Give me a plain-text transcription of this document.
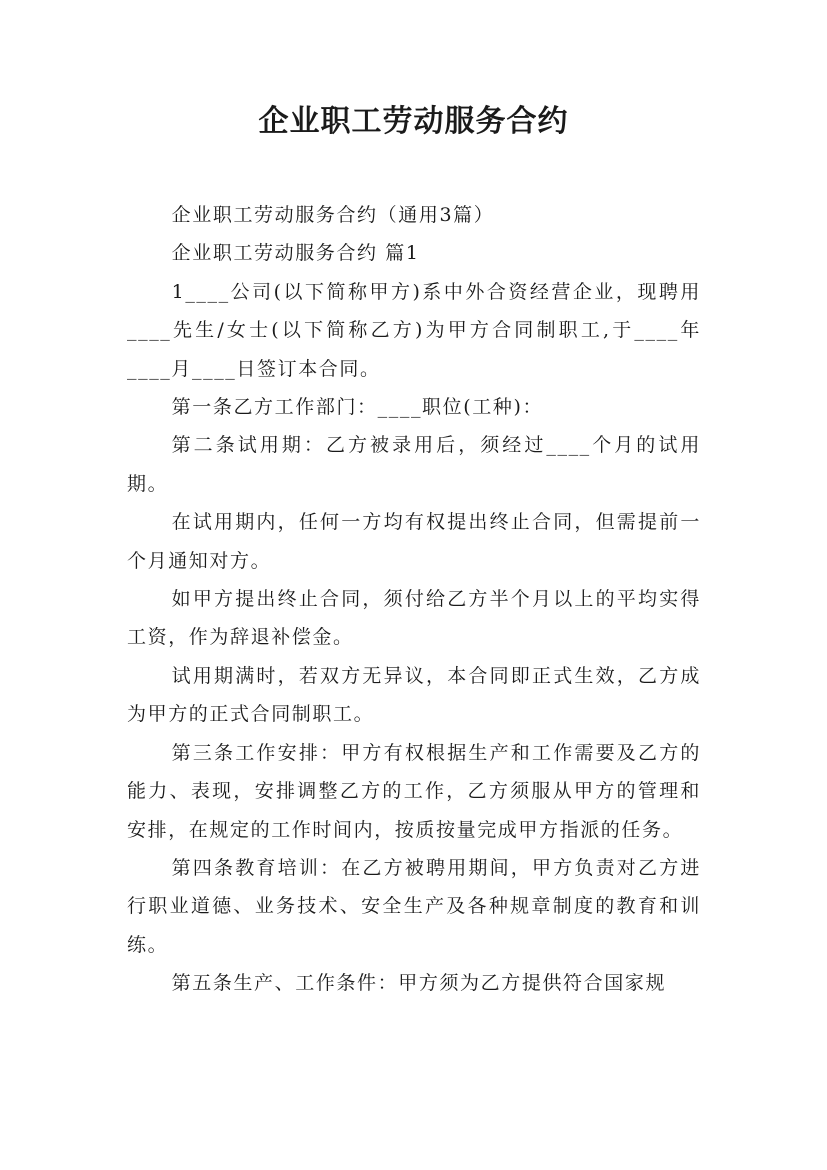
企业职工劳动服务合约

企业职工劳动服务合约（通用3篇）

企业职工劳动服务合约 篇1

1____公司(以下简称甲方)系中外合资经营企业，现聘用____先生/女士(以下简称乙方)为甲方合同制职工,于____年____月____日签订本合同。

第一条乙方工作部门：____职位(工种)：

第二条试用期：乙方被录用后，须经过____个月的试用期。

在试用期内，任何一方均有权提出终止合同，但需提前一个月通知对方。

如甲方提出终止合同，须付给乙方半个月以上的平均实得工资，作为辞退补偿金。

试用期满时，若双方无异议，本合同即正式生效，乙方成为甲方的正式合同制职工。

第三条工作安排：甲方有权根据生产和工作需要及乙方的能力、表现，安排调整乙方的工作，乙方须服从甲方的管理和安排，在规定的工作时间内，按质按量完成甲方指派的任务。

第四条教育培训：在乙方被聘用期间，甲方负责对乙方进行职业道德、业务技术、安全生产及各种规章制度的教育和训练。

第五条生产、工作条件：甲方须为乙方提供符合国家规
